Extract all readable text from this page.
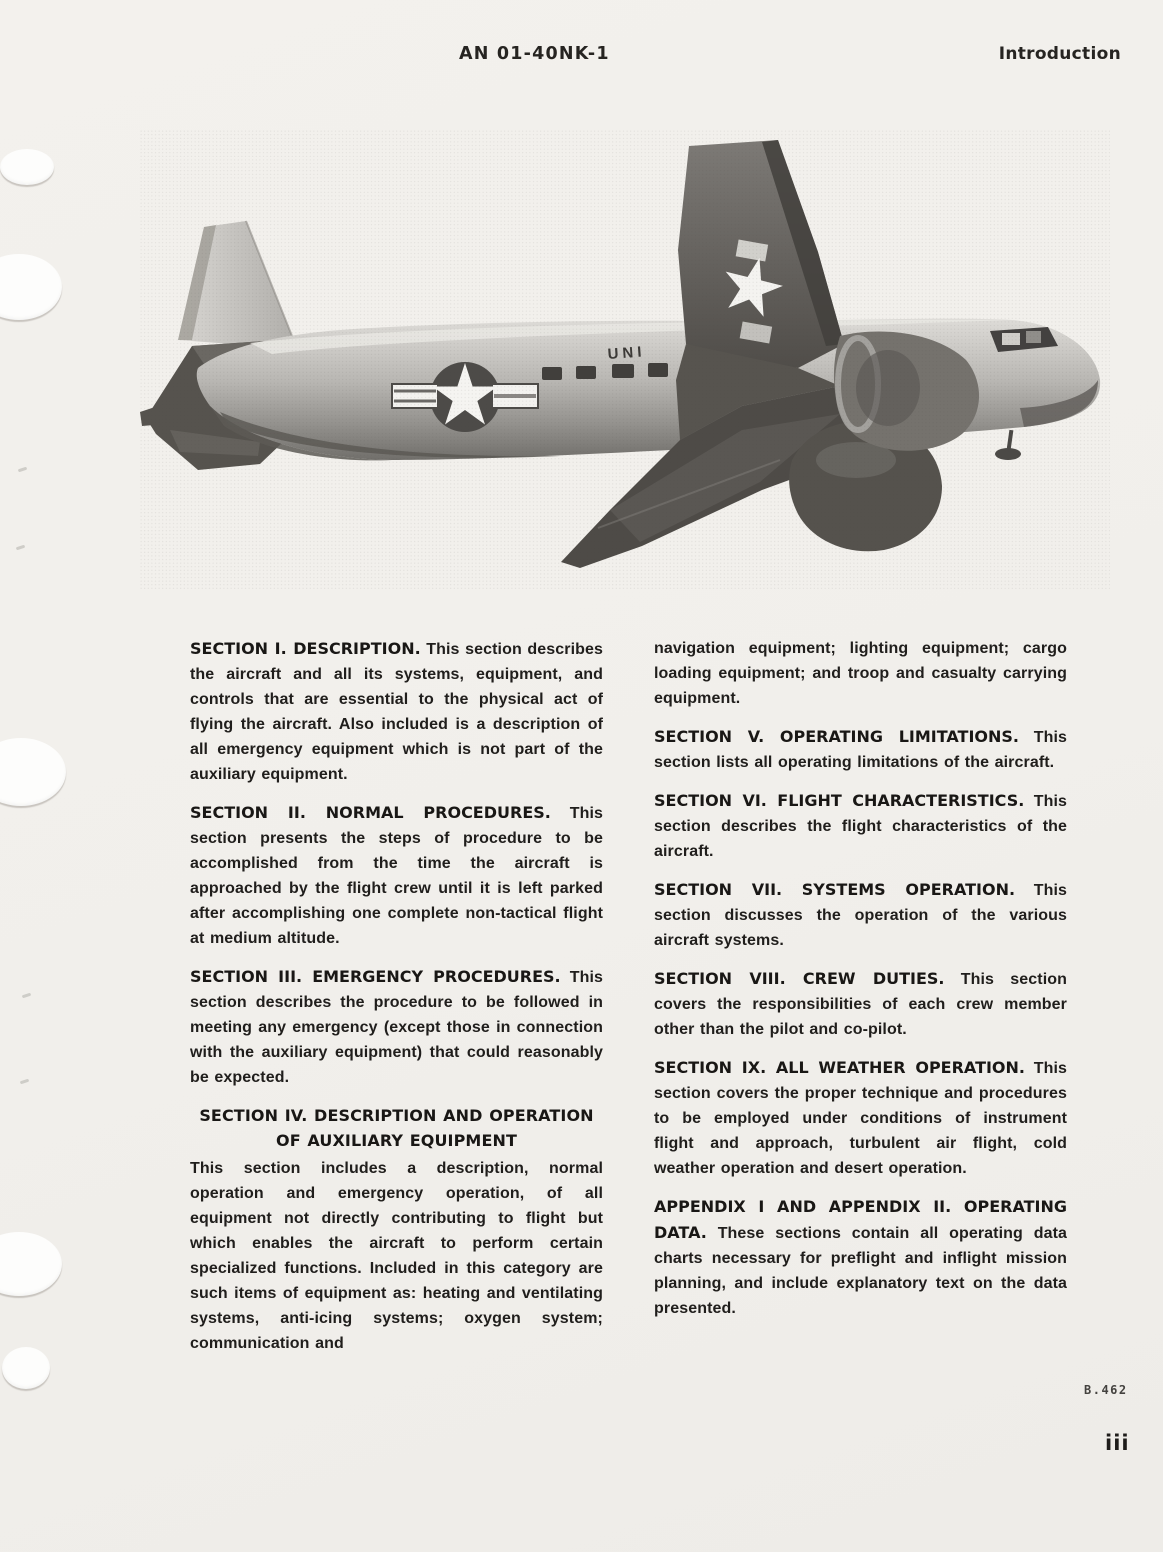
AN 01-40NK-1	Introduction
UNI

SECTION I. DESCRIPTION. This section describes the aircraft and all its systems, equipment, and controls that are essential to the physical act of flying the aircraft. Also included is a description of all emergency equipment which is not part of the auxiliary equipment.

SECTION II. NORMAL PROCEDURES. This section presents the steps of procedure to be accomplished from the time the aircraft is approached by the flight crew until it is left parked after accomplishing one complete non-tactical flight at medium altitude.

SECTION III. EMERGENCY PROCEDURES. This section describes the procedure to be followed in meeting any emergency (except those in connection with the auxiliary equipment) that could reasonably be expected.

SECTION IV. DESCRIPTION AND OPERATION OF AUXILIARY EQUIPMENT

This section includes a description, normal operation and emergency operation, of all equipment not directly contributing to flight but which enables the aircraft to perform certain specialized functions. Included in this category are such items of equipment as: heating and ventilating systems, anti-icing systems; oxygen system; communication and

navigation equipment; lighting equipment; cargo loading equipment; and troop and casualty carrying equipment.

SECTION V. OPERATING LIMITATIONS. This section lists all operating limitations of the aircraft.

SECTION VI. FLIGHT CHARACTERISTICS. This section describes the flight characteristics of the aircraft.

SECTION VII. SYSTEMS OPERATION. This section discusses the operation of the various aircraft systems.

SECTION VIII. CREW DUTIES. This section covers the responsibilities of each crew member other than the pilot and co-pilot.

SECTION IX. ALL WEATHER OPERATION. This section covers the proper technique and procedures to be employed under conditions of instrument flight and approach, turbulent air flight, cold weather operation and desert operation.

APPENDIX I AND APPENDIX II. OPERATING DATA. These sections contain all operating data charts necessary for preflight and inflight mission planning, and include explanatory text on the data presented.

B.462
iii
